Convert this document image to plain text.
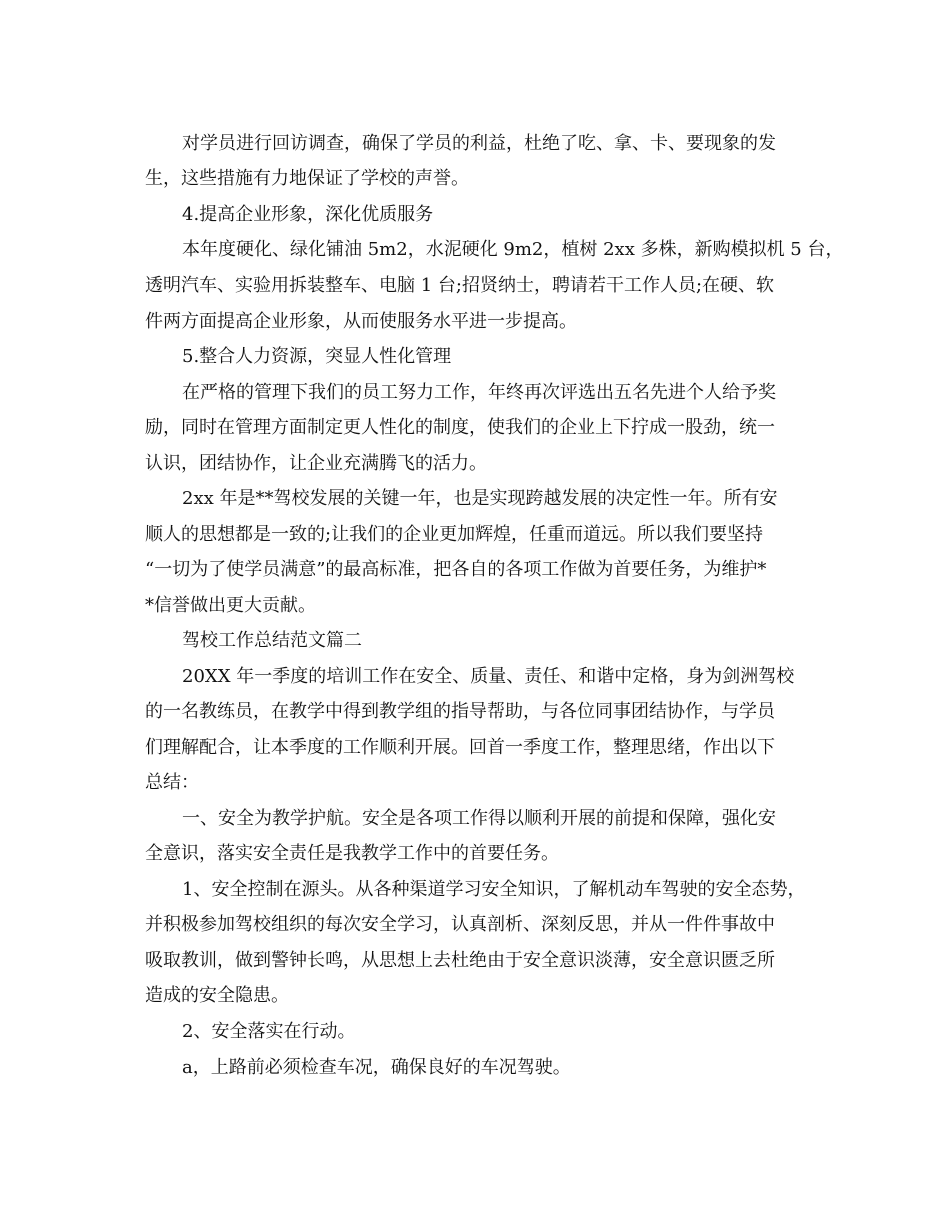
对学员进行回访调查，确保了学员的利益，杜绝了吃、拿、卡、要现象的发
生，这些措施有力地保证了学校的声誉。
4.提高企业形象，深化优质服务
本年度硬化、绿化铺油 5m2，水泥硬化 9m2，植树 2xx 多株，新购模拟机 5 台，
透明汽车、实验用拆装整车、电脑 1 台;招贤纳士，聘请若干工作人员;在硬、软
件两方面提高企业形象，从而使服务水平进一步提高。
5.整合人力资源，突显人性化管理
在严格的管理下我们的员工努力工作，年终再次评选出五名先进个人给予奖
励，同时在管理方面制定更人性化的制度，使我们的企业上下拧成一股劲，统一
认识，团结协作，让企业充满腾飞的活力。
2xx 年是**驾校发展的关键一年，也是实现跨越发展的决定性一年。所有安
顺人的思想都是一致的;让我们的企业更加辉煌，任重而道远。所以我们要坚持
“一切为了使学员满意”的最高标准，把各自的各项工作做为首要任务，为维护*
*信誉做出更大贡献。
驾校工作总结范文篇二
20XX 年一季度的培训工作在安全、质量、责任、和谐中定格，身为剑洲驾校
的一名教练员，在教学中得到教学组的指导帮助，与各位同事团结协作，与学员
们理解配合，让本季度的工作顺利开展。回首一季度工作，整理思绪，作出以下
总结：
一、安全为教学护航。安全是各项工作得以顺利开展的前提和保障，强化安
全意识，落实安全责任是我教学工作中的首要任务。
1、安全控制在源头。从各种渠道学习安全知识，了解机动车驾驶的安全态势，
并积极参加驾校组织的每次安全学习，认真剖析、深刻反思，并从一件件事故中
吸取教训，做到警钟长鸣，从思想上去杜绝由于安全意识淡薄，安全意识匮乏所
造成的安全隐患。
2、安全落实在行动。
a，上路前必须检查车况，确保良好的车况驾驶。
